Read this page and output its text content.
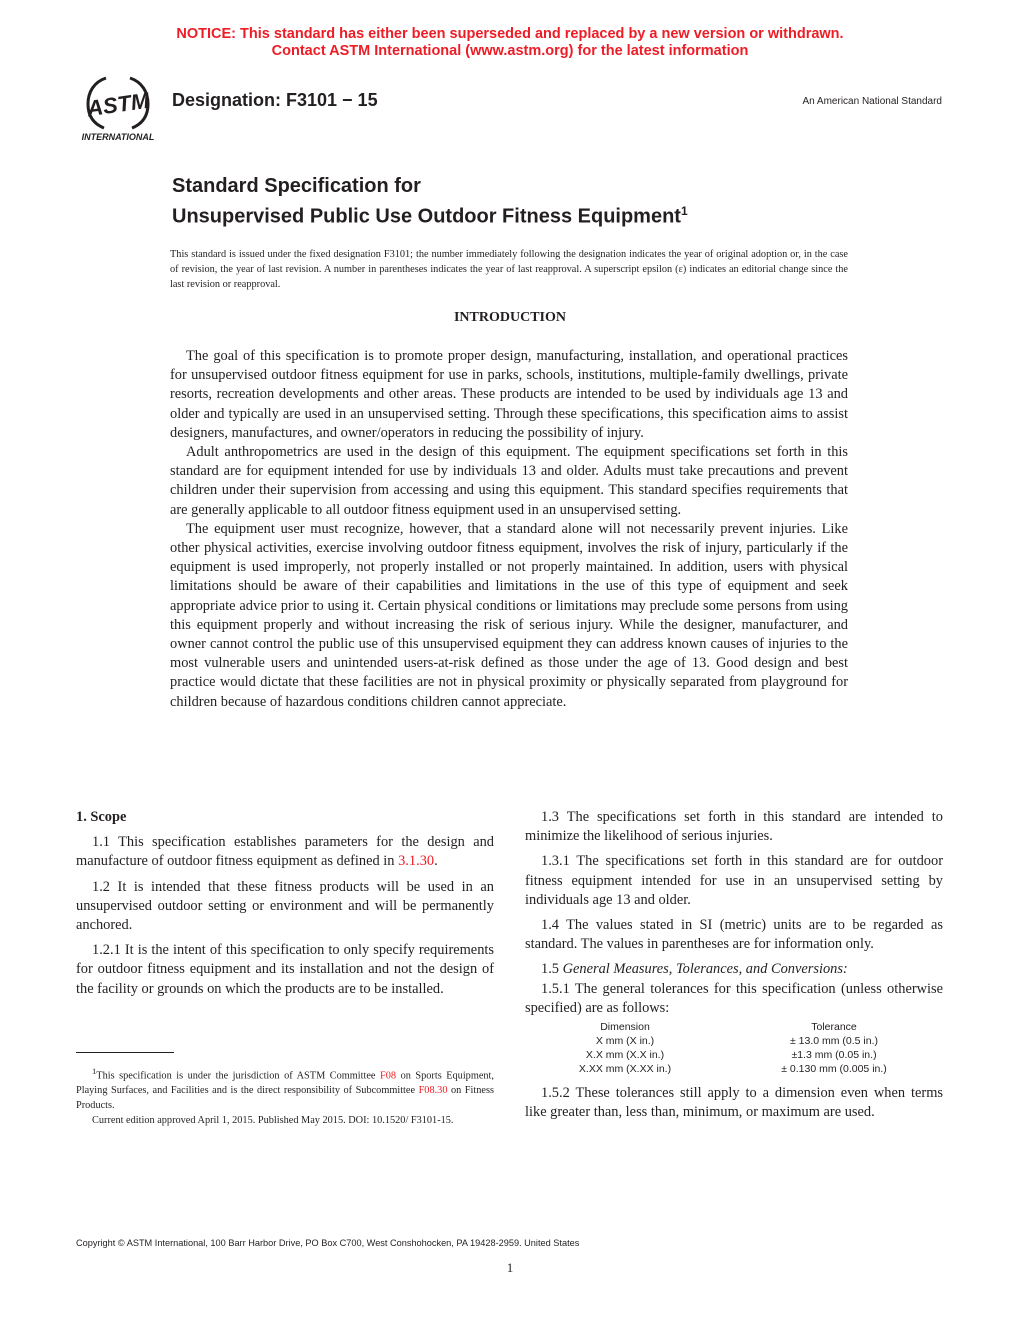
NOTICE: This standard has either been superseded and replaced by a new version or withdrawn.
Contact ASTM International (www.astm.org) for the latest information
ASTM
INTERNATIONAL
Designation: F3101 − 15	An American National Standard
Standard Specification for
Unsupervised Public Use Outdoor Fitness Equipment$^1$
This standard is issued under the fixed designation F3101; the number immediately following the designation indicates the year of original adoption or, in the case of revision, the year of last revision. A number in parentheses indicates the year of last reapproval. A superscript epsilon (ε) indicates an editorial change since the last revision or reapproval.
INTRODUCTION

The goal of this specification is to promote proper design, manufacturing, installation, and operational practices for unsupervised outdoor fitness equipment for use in parks, schools, institutions, multiple-family dwellings, private resorts, recreation developments and other areas. These products are intended to be used by individuals age 13 and older and typically are used in an unsupervised setting. Through these specifications, this specification aims to assist designers, manufactures, and owner/operators in reducing the possibility of injury.

Adult anthropometrics are used in the design of this equipment. The equipment specifications set forth in this standard are for equipment intended for use by individuals 13 and older. Adults must take precautions and prevent children under their supervision from accessing and using this equipment. This standard specifies requirements that are generally applicable to all outdoor fitness equipment used in an unsupervised setting.

The equipment user must recognize, however, that a standard alone will not necessarily prevent injuries. Like other physical activities, exercise involving outdoor fitness equipment, involves the risk of injury, particularly if the equipment is used improperly, not properly installed or not properly maintained. In addition, users with physical limitations should be aware of their capabilities and limitations in the use of this type of equipment and seek appropriate advice prior to using it. Certain physical conditions or limitations may preclude some persons from using this equipment properly and without increasing the risk of serious injury. While the designer, manufacturer, and owner cannot control the public use of this unsupervised equipment they can address known causes of injuries to the most vulnerable users and unintended users-at-risk defined as those under the age of 13. Good design and best practice would dictate that these facilities are not in physical proximity or physically separated from playground for children because of hazardous conditions children cannot appreciate.

1. Scope

1.1 This specification establishes parameters for the design and manufacture of outdoor fitness equipment as defined in 3.1.30.

1.2 It is intended that these fitness products will be used in an unsupervised outdoor setting or environment and will be permanently anchored.

1.2.1 It is the intent of this specification to only specify requirements for outdoor fitness equipment and its installation and not the design of the facility or grounds on which the products are to be installed.

1.3 The specifications set forth in this standard are intended to minimize the likelihood of serious injuries.

1.3.1 The specifications set forth in this standard are for outdoor fitness equipment intended for use in an unsupervised setting by individuals age 13 and older.

1.4 The values stated in SI (metric) units are to be regarded as standard. The values in parentheses are for information only.

1.5 General Measures, Tolerances, and Conversions:

1.5.1 The general tolerances for this specification (unless otherwise specified) are as follows:

Dimension	Tolerance
X mm (X in.)	± 13.0 mm (0.5 in.)
X.X mm (X.X in.)	±1.3 mm (0.05 in.)
X.XX mm (X.XX in.)	± 0.130 mm (0.005 in.)

1.5.2 These tolerances still apply to a dimension even when terms like greater than, less than, minimum, or maximum are used.

$^1$This specification is under the jurisdiction of ASTM Committee F08 on Sports Equipment, Playing Surfaces, and Facilities and is the direct responsibility of Subcommittee F08.30 on Fitness Products.

Current edition approved April 1, 2015. Published May 2015. DOI: 10.1520/ F3101-15.

Copyright © ASTM International, 100 Barr Harbor Drive, PO Box C700, West Conshohocken, PA 19428-2959. United States
1
